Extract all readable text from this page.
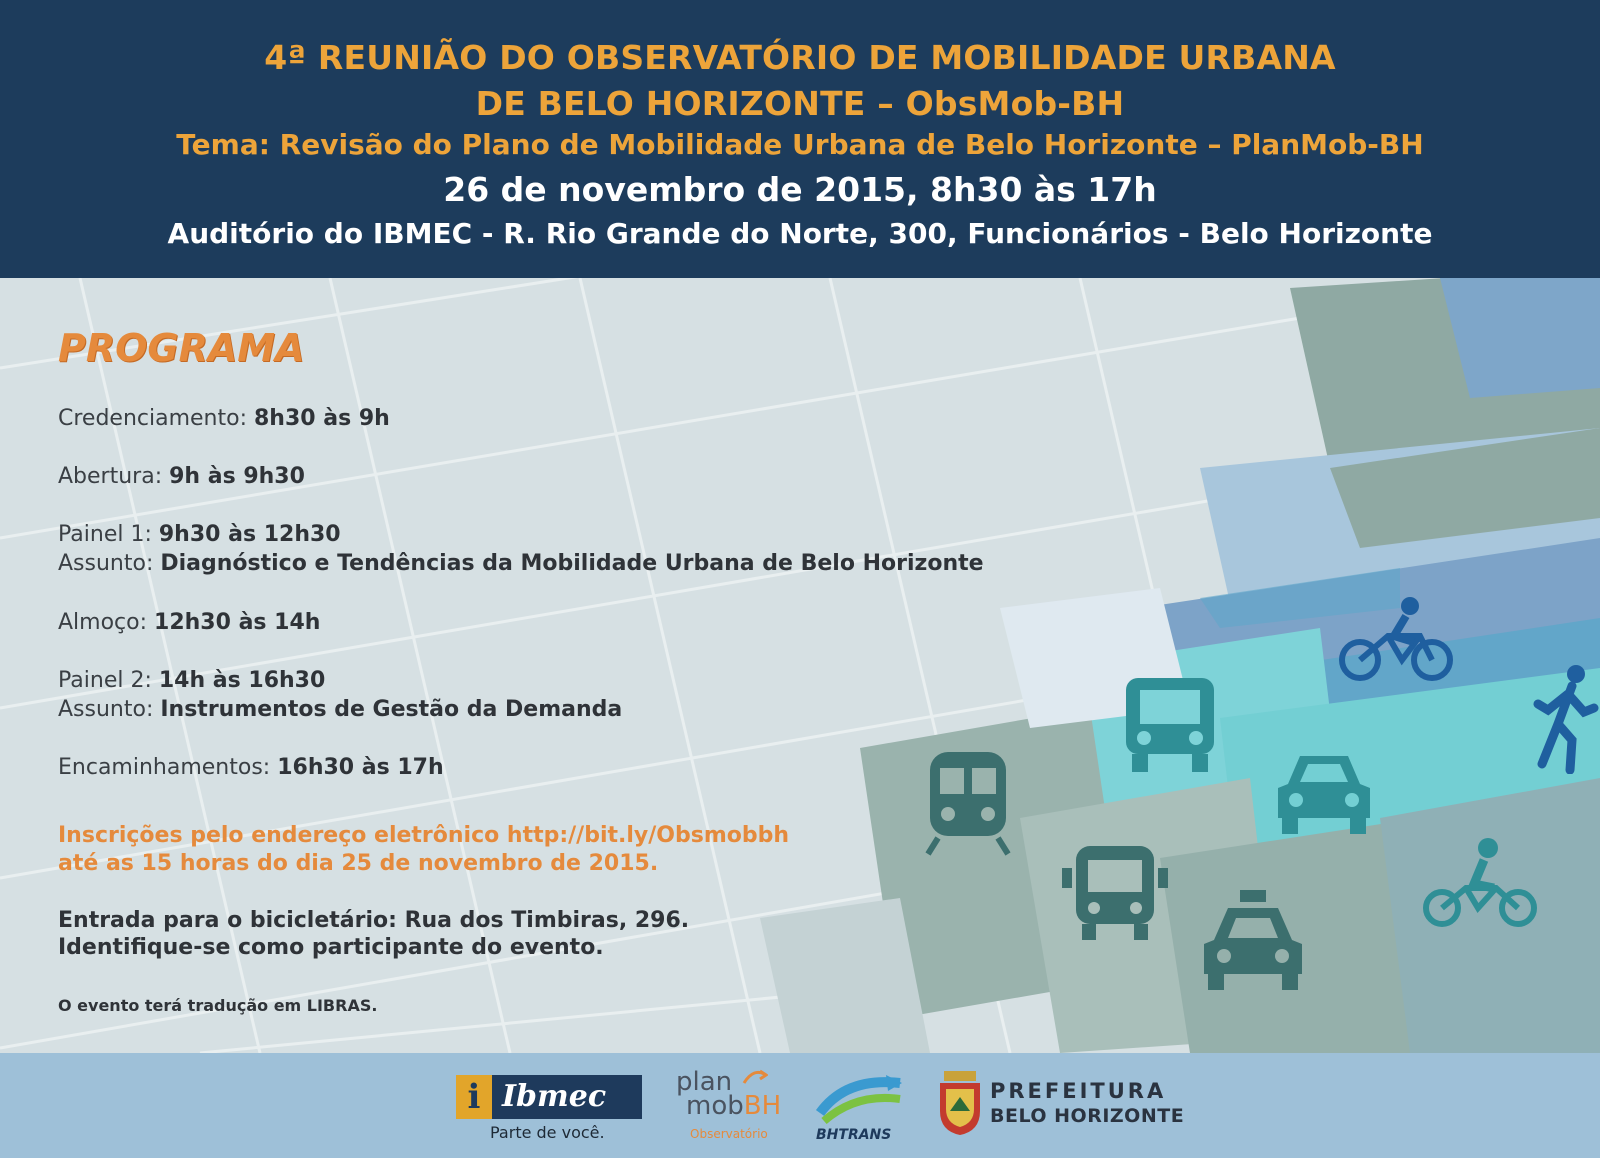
4ª REUNIÃO DO OBSERVATÓRIO DE MOBILIDADE URBANA
DE BELO HORIZONTE – ObsMob-BH
Tema: Revisão do Plano de Mobilidade Urbana de Belo Horizonte – PlanMob-BH
26 de novembro de 2015, 8h30 às 17h
Auditório do IBMEC - R. Rio Grande do Norte, 300, Funcionários - Belo Horizonte
PROGRAMA
Credenciamento: 8h30 às 9h
Abertura: 9h às 9h30
Painel 1: 9h30 às 12h30
Assunto: Diagnóstico e Tendências da Mobilidade Urbana de Belo Horizonte
Almoço: 12h30 às 14h
Painel 2: 14h às 16h30
Assunto: Instrumentos de Gestão da Demanda
Encaminhamentos: 16h30 às 17h
Inscrições pelo endereço eletrônico http://bit.ly/Obsmobbh
até as 15 horas do dia 25 de novembro de 2015.
Entrada para o bicicletário: Rua dos Timbiras, 296.
Identifique-se como participante do evento.
O evento terá tradução em LIBRAS.
i Ibmec
Parte de você.
plan
mobBH
Observatório	BHTRANS
PREFEITURA
BELO HORIZONTE
